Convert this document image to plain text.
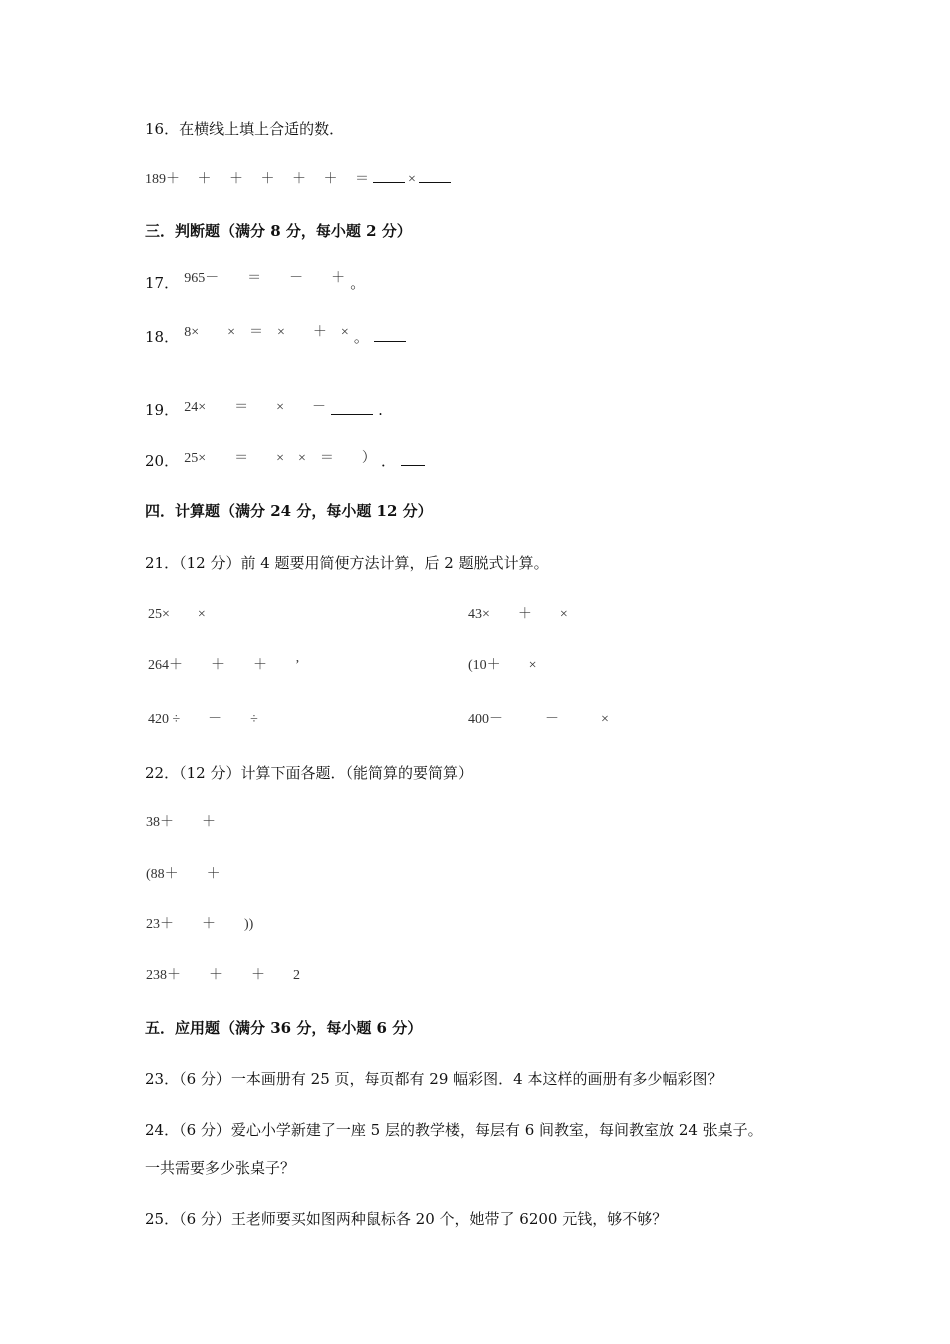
16．在横线上填上合适的数．
189＋　 ＋　 ＋　 ＋　 ＋　 ＋　 ＝	×
三．判断题（满分 8 分，每小题 2 分）
17． 965－　　＝　　－　　＋ 。
18． 8×　　×　＝　×　　＋　× 。
19． 24×　　＝　　×　　－	.
20． 25×　　＝　　×　×　＝　　） ．
四．计算题（满分 24 分，每小题 12 分）
21．（12 分）前 4 题要用简便方法计算，后 2 题脱式计算。
25×　　×
264＋　　＋　　＋　　’
420 ÷　　－　　÷
43×　　＋　　×
(10＋　　×
400－　　　－　　　×
22．（12 分）计算下面各题．（能简算的要简算）
38＋　　＋
(88＋　　＋
23＋　　＋　　))
238＋　　＋　　＋　　2
五．应用题（满分 36 分，每小题 6 分）
23．（6 分）一本画册有 25 页，每页都有 29 幅彩图．4 本这样的画册有多少幅彩图？
24．（6 分）爱心小学新建了一座 5 层的教学楼，每层有 6 间教室，每间教室放 24 张桌子。
一共需要多少张桌子？
25．（6 分）王老师要买如图两种鼠标各 20 个，她带了 6200 元钱，够不够？
